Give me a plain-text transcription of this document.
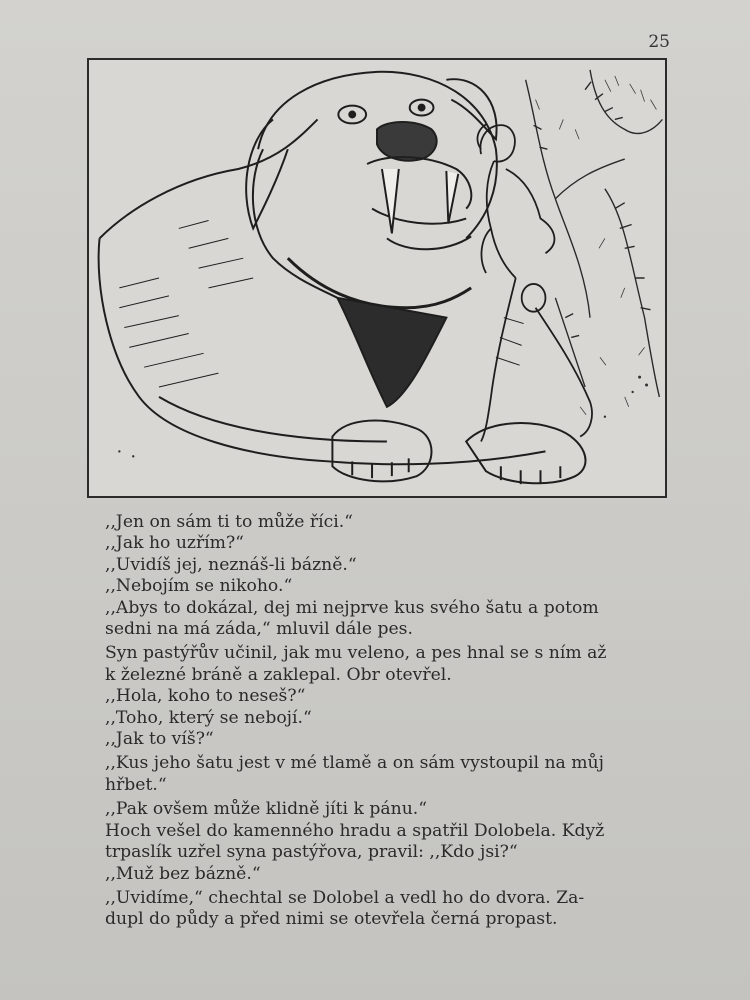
25

,,Jen on sám ti to může říci.“

,,Jak ho uzřím?“

,,Uvidíš jej, neznáš-li bázně.“

,,Nebojím se nikoho.“

,,Abys to dokázal, dej mi nejprve kus svého šatu a potom

sedni na má záda,“ mluvil dále pes.

Syn pastýřův učinil, jak mu veleno, a pes hnal se s ním až

k železné bráně a zaklepal. Obr otevřel.

,,Hola, koho to neseš?“

,,Toho, který se nebojí.“

,,Jak to víš?“

,,Kus jeho šatu jest v mé tlamě a on sám vystoupil na můj

hřbet.“

,,Pak ovšem může klidně jíti k pánu.“

Hoch vešel do kamenného hradu a spatřil Dolobela. Když

trpaslík uzřel syna pastýřova, pravil: ,,Kdo jsi?“

,,Muž bez bázně.“

,,Uvidíme,“ chechtal se Dolobel a vedl ho do dvora. Za-

dupl do půdy a před nimi se otevřela černá propast.
